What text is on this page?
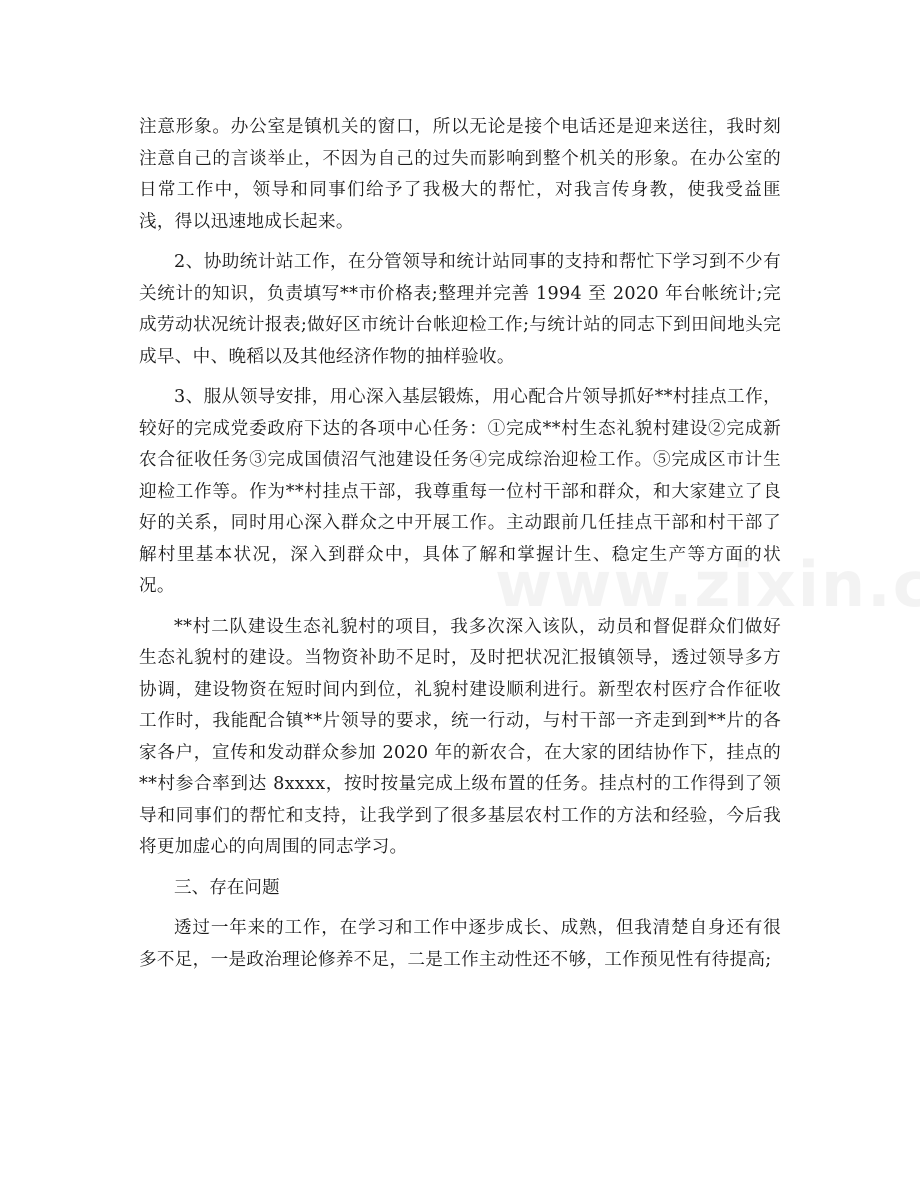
注意形象。办公室是镇机关的窗口，所以无论是接个电话还是迎来送往，我时刻注意自己的言谈举止，不因为自己的过失而影响到整个机关的形象。在办公室的日常工作中，领导和同事们给予了我极大的帮忙，对我言传身教，使我受益匪浅，得以迅速地成长起来。

2、协助统计站工作，在分管领导和统计站同事的支持和帮忙下学习到不少有关统计的知识，负责填写**市价格表;整理并完善 1994 至 2020 年台帐统计;完成劳动状况统计报表;做好区市统计台帐迎检工作;与统计站的同志下到田间地头完成早、中、晚稻以及其他经济作物的抽样验收。

3、服从领导安排，用心深入基层锻炼，用心配合片领导抓好**村挂点工作，较好的完成党委政府下达的各项中心任务：①完成**村生态礼貌村建设②完成新农合征收任务③完成国债沼气池建设任务④完成综治迎检工作。⑤完成区市计生迎检工作等。作为**村挂点干部，我尊重每一位村干部和群众，和大家建立了良好的关系，同时用心深入群众之中开展工作。主动跟前几任挂点干部和村干部了解村里基本状况，深入到群众中，具体了解和掌握计生、稳定生产等方面的状况。

**村二队建设生态礼貌村的项目，我多次深入该队，动员和督促群众们做好生态礼貌村的建设。当物资补助不足时，及时把状况汇报镇领导，透过领导多方协调，建设物资在短时间内到位，礼貌村建设顺利进行。新型农村医疗合作征收工作时，我能配合镇**片领导的要求，统一行动，与村干部一齐走到到**片的各家各户，宣传和发动群众参加 2020 年的新农合，在大家的团结协作下，挂点的**村参合率到达 8xxxx，按时按量完成上级布置的任务。挂点村的工作得到了领导和同事们的帮忙和支持，让我学到了很多基层农村工作的方法和经验，今后我将更加虚心的向周围的同志学习。

三、存在问题

透过一年来的工作，在学习和工作中逐步成长、成熟，但我清楚自身还有很多不足，一是政治理论修养不足，二是工作主动性还不够，工作预见性有待提高;
